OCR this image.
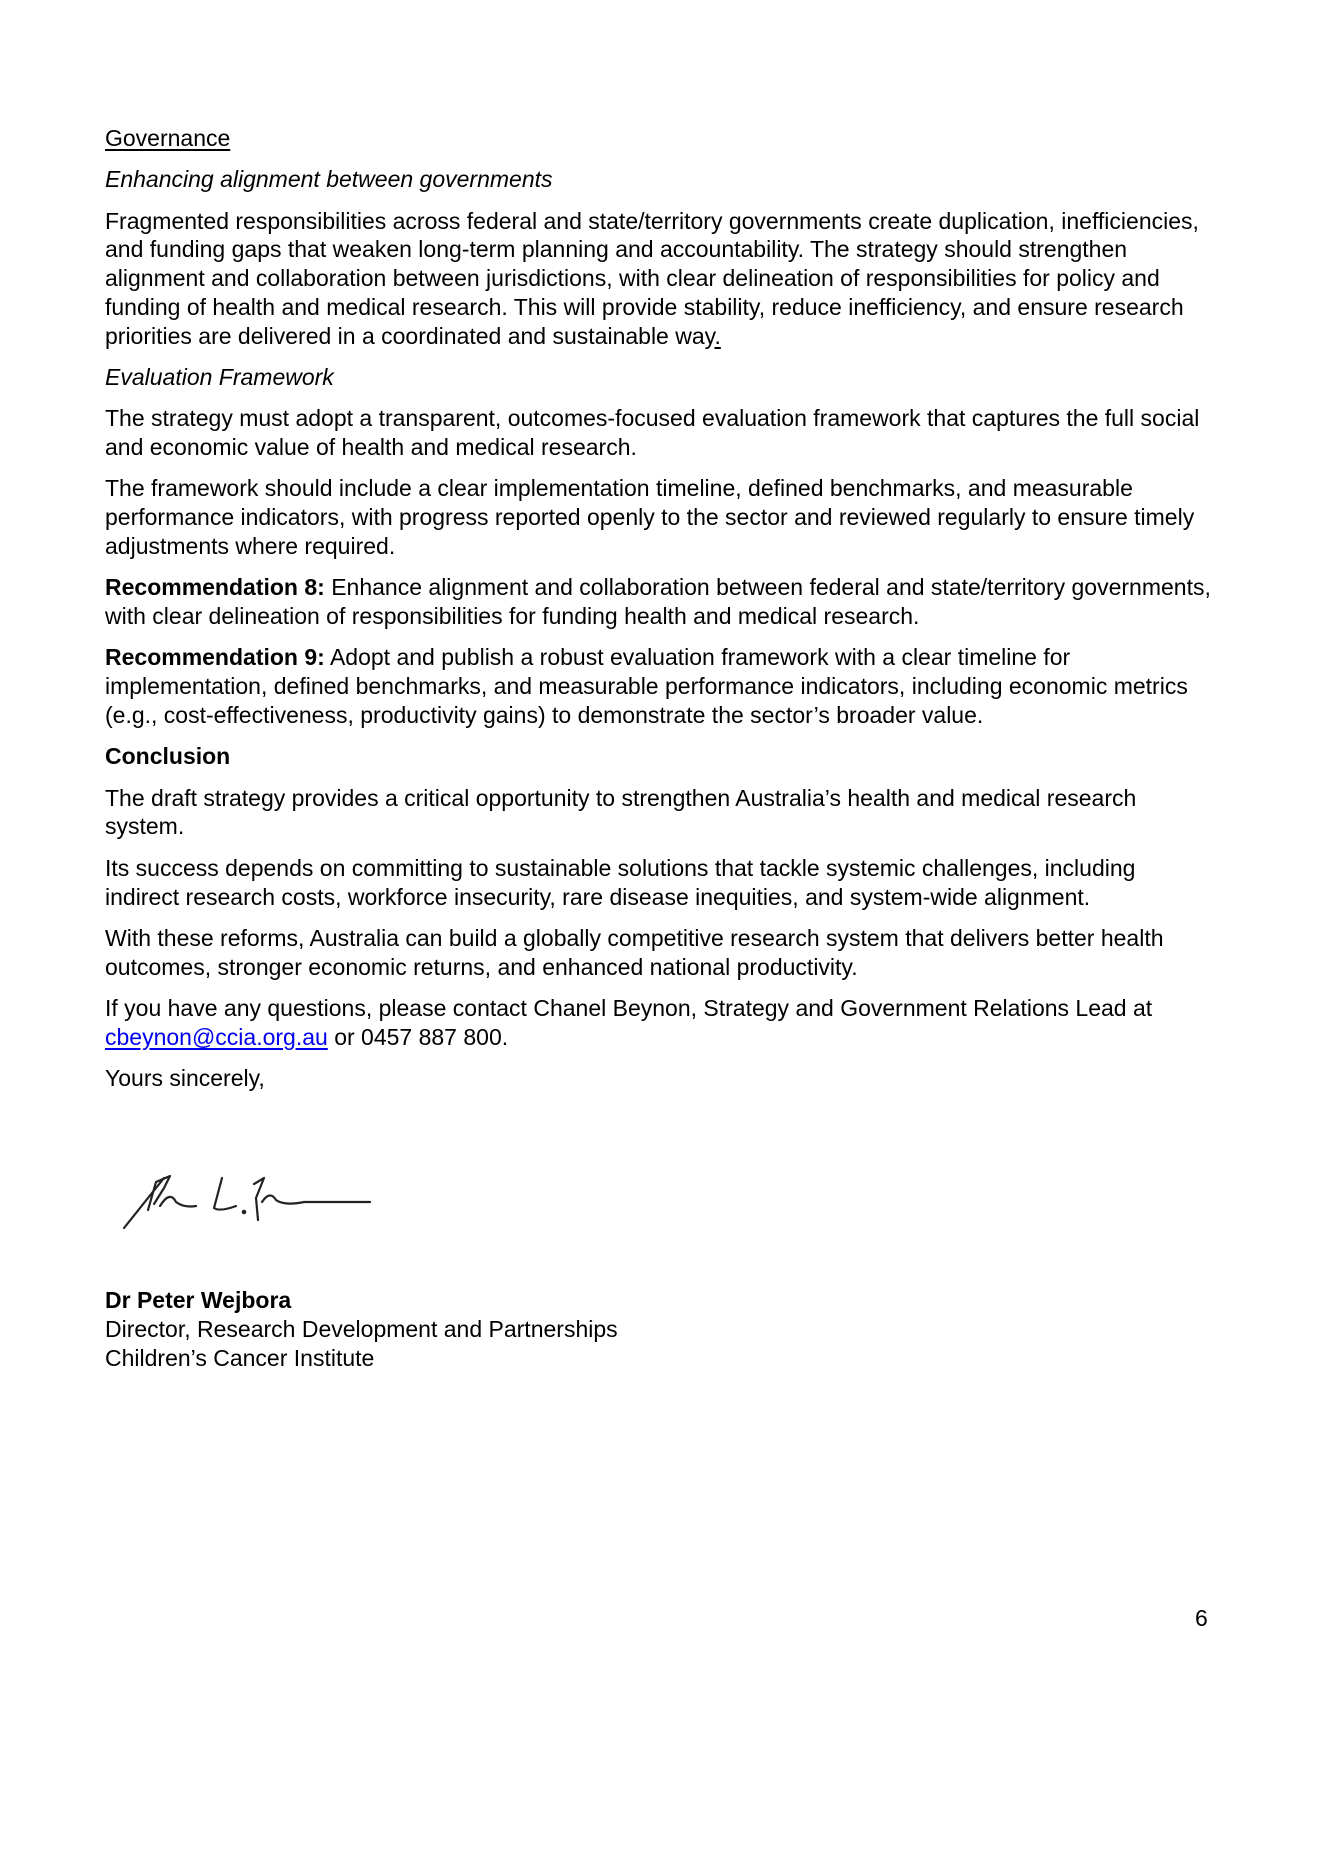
Governance

Enhancing alignment between governments

Fragmented responsibilities across federal and state/territory governments create duplication, inefficiencies, and funding gaps that weaken long-term planning and accountability. The strategy should strengthen alignment and collaboration between jurisdictions, with clear delineation of responsibilities for policy and funding of health and medical research. This will provide stability, reduce inefficiency, and ensure research priorities are delivered in a coordinated and sustainable way.

Evaluation Framework

The strategy must adopt a transparent, outcomes-focused evaluation framework that captures the full social and economic value of health and medical research.

The framework should include a clear implementation timeline, defined benchmarks, and measurable performance indicators, with progress reported openly to the sector and reviewed regularly to ensure timely adjustments where required.

Recommendation 8: Enhance alignment and collaboration between federal and state/territory governments, with clear delineation of responsibilities for funding health and medical research.

Recommendation 9: Adopt and publish a robust evaluation framework with a clear timeline for implementation, defined benchmarks, and measurable performance indicators, including economic metrics (e.g., cost-effectiveness, productivity gains) to demonstrate the sector’s broader value.

Conclusion

The draft strategy provides a critical opportunity to strengthen Australia’s health and medical research system.

Its success depends on committing to sustainable solutions that tackle systemic challenges, including indirect research costs, workforce insecurity, rare disease inequities, and system-wide alignment.

With these reforms, Australia can build a globally competitive research system that delivers better health outcomes, stronger economic returns, and enhanced national productivity.

If you have any questions, please contact Chanel Beynon, Strategy and Government Relations Lead at cbeynon@ccia.org.au or 0457 887 800.

Yours sincerely,

Dr Peter Wejbora
Director, Research Development and Partnerships
Children’s Cancer Institute
6
